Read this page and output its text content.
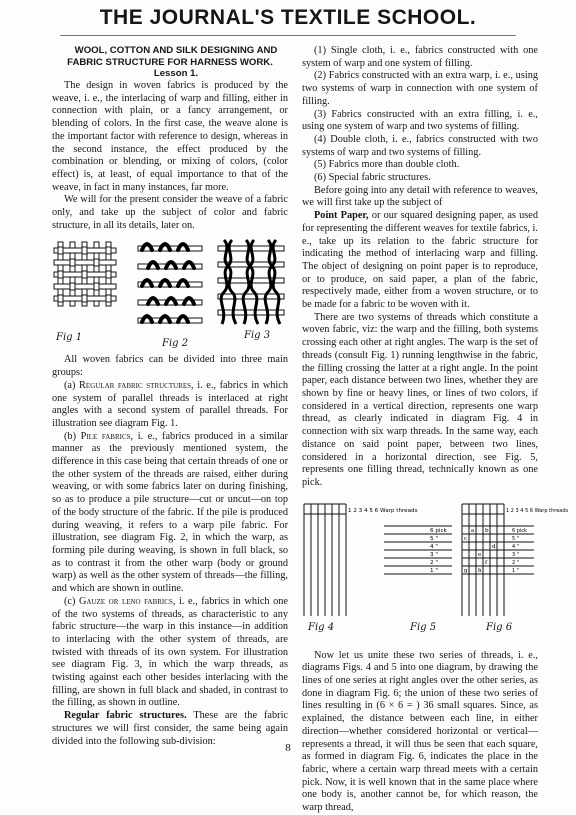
THE JOURNAL'S TEXTILE SCHOOL.

WOOL, COTTON AND SILK DESIGNING AND FABRIC STRUCTURE FOR HARNESS WORK.

Lesson 1.

The design in woven fabrics is produced by the weave, i. e., the interlacing of warp and filling, either in connection with plain, or a fancy arrangement, or blending of colors. In the first case, the weave alone is the important factor with reference to design, whereas in the second instance, the effect produced by the combination or blending, or mixing of colors, (color effect) is, at least, of equal importance to that of the weave, in fact in many instances, far more.

We will for the present consider the weave of a fabric only, and take up the subject of color and fabric structure, in all its details, later on.

Fig 1
Fig 2
Fig 3

All woven fabrics can be divided into three main groups:

(a) Regular fabric structures, i. e., fabrics in which one system of parallel threads is interlaced at right angles with a second system of parallel threads. For illustration see diagram Fig. 1.

(b) Pile fabrics, i. e., fabrics produced in a similar manner as the previously mentioned system, the difference in this case being that certain threads of one or the other system of the threads are raised, either during weaving, or with some fabrics later on during finishing, so as to produce a pile structure—cut or uncut—on top of the body structure of the fabric. If the pile is produced during weaving, it refers to a warp pile fabric. For illustration, see diagram Fig. 2, in which the warp, as forming pile during weaving, is shown in full black, so as to contrast it from the other warp (body or ground warp) as well as the other system of threads—the filling, and which are shown in outline.

(c) Gauze or leno fabrics, i. e., fabrics in which one of the two systems of threads, as characteristic to any fabric structure—the warp in this instance—in addition to interlacing with the other system of threads, are twisted with threads of its own system. For illustration see diagram Fig. 3, in which the warp threads, as twisting against each other besides interlacing with the filling, are shown in full black and shaded, in contrast to the filling, as shown in outline.

Regular fabric structures. These are the fabric structures we will first consider, the same being again divided into the following sub-division:

(1) Single cloth, i. e., fabrics constructed with one system of warp and one system of filling.

(2) Fabrics constructed with an extra warp, i. e., using two systems of warp in connection with one system of filling.

(3) Fabrics constructed with an extra filling, i. e., using one system of warp and two systems of filling.

(4) Double cloth, i. e., fabrics constructed with two systems of warp and two systems of filling.

(5) Fabrics more than double cloth.

(6) Special fabric structures.

Before going into any detail with reference to weaves, we will first take up the subject of

Point Paper, or our squared designing paper, as used for representing the different weaves for textile fabrics, i. e., take up its relation to the fabric structure for indicating the method of interlacing warp and filling. The object of designing on point paper is to reproduce, or to produce, on said paper, a plan of the fabric, respectively made, either from a woven structure, or to be made for a fabric to be woven with it.

There are two systems of threads which constitute a woven fabric, viz: the warp and the filling, both systems crossing each other at right angles. The warp is the set of threads (consult Fig. 1) running lengthwise in the fabric, the filling crossing the latter at a right angle. In the point paper, each distance between two lines, whether they are shown by fine or heavy lines, or lines of two colors, if considered in a vertical direction, represents one warp thread, as clearly indicated in diagram Fig. 4 in connection with six warp threads. In the same way, each distance on said point paper, between two lines, considered in a horizontal direction, see Fig. 5, represents one filling thread, technically known as one pick.

1 2 3 4 5 6 Warp threads
Fig 4
6 pick
5 "
4 "
3 "
2 "
1 "
Fig 5
1 2 3 4 5 6 Warp threads
a b
c
d
e
f
g h
6 pick
5 "
4 "
3 "
2 "
1 "
Fig 6

Now let us unite these two series of threads, i. e., diagrams Figs. 4 and 5 into one diagram, by drawing the lines of one series at right angles over the other series, as done in diagram Fig. 6; the union of these two series of lines resulting in (6 × 6 = ) 36 small squares. Since, as explained, the distance between each line, in either direction—whether considered horizontal or vertical—represents a thread, it will thus be seen that each square, as formed in diagram Fig. 6, indicates the place in the fabric, where a certain warp thread meets with a certain pick. Now, it is well known that in the same place where one body is, another cannot be, for which reason, the warp thread,

8
